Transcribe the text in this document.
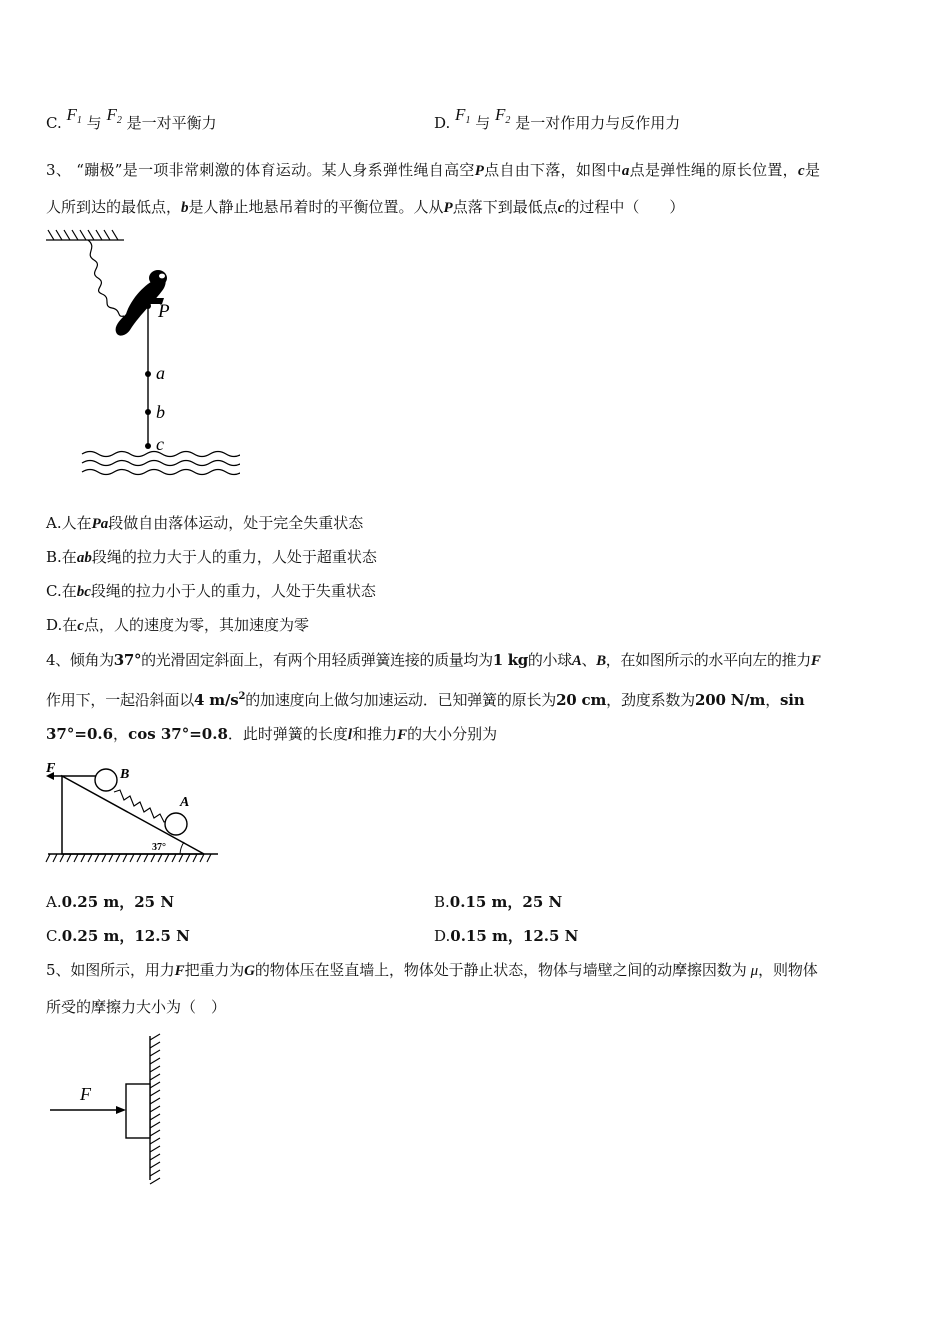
C. $F_1$ 与 $F_2$ 是一对平衡力	D. $F_1$ 与 $F_2$ 是一对作用力与反作用力
3、 “蹦极”是一项非常刺激的体育运动。某人身系弹性绳自高空P点自由下落，如图中a点是弹性绳的原长位置，c是
人所到达的最低点，b是人静止地悬吊着时的平衡位置。人从P点落下到最低点c的过程中（　　）
P
a
b
c
A.人在Pa段做自由落体运动，处于完全失重状态
B.在ab段绳的拉力大于人的重力，人处于超重状态
C.在bc段绳的拉力小于人的重力，人处于失重状态
D.在c点，人的速度为零，其加速度为零
4、倾角为37°的光滑固定斜面上，有两个用轻质弹簧连接的质量均为1 kg的小球A、B，在如图所示的水平向左的推力F
作用下，一起沿斜面以4 $m/s^2$的加速度向上做匀加速运动．已知弹簧的原长为20 cm，劲度系数为200 N/m，sin
37°=0.6，cos 37°=0.8．此时弹簧的长度l和推力F的大小分别为
37°
B
A
F
A.0.25 m，25 N	B.0.15 m，25 N
C.0.25 m，12.5 N	D.0.15 m，12.5 N
5、如图所示，用力F把重力为G的物体压在竖直墙上，物体处于静止状态，物体与墙壁之间的动摩擦因数为 μ，则物体
所受的摩擦力大小为（　）
F
